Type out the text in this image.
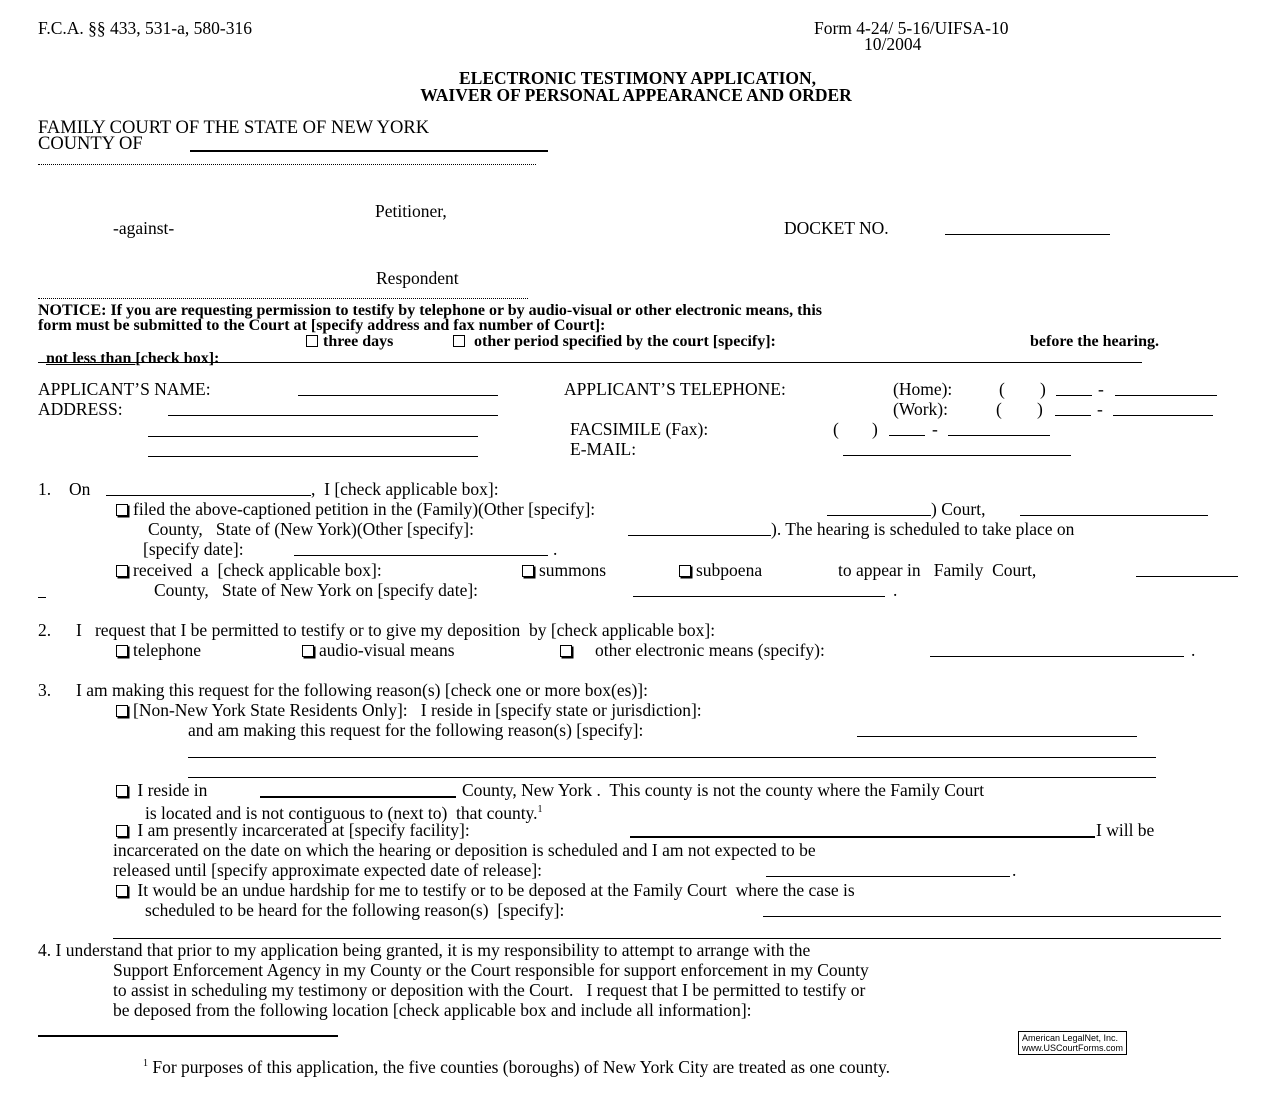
F.C.A. §§ 433, 531-a, 580-316	Form 4-24/ 5-16/UIFSA-10
10/2004
ELECTRONIC TESTIMONY APPLICATION,
WAIVER OF PERSONAL APPEARANCE AND ORDER
FAMILY COURT OF THE STATE OF NEW YORK
COUNTY OF
Petitioner,
-against-	DOCKET NO.
Respondent
NOTICE: If you are requesting permission to testify by telephone or by audio-visual or other electronic means, this
form must be submitted to the Court at [specify address and fax number of Court]:

not less than [check box]:

three days	other period specified by the court [specify]:	before the hearing.
APPLICANT’S NAME:
ADDRESS:
APPLICANT’S TELEPHONE:	(Home):	( )	-
(Work):	( )	-
FACSIMILE (Fax):	( )	-
E-MAIL:
1. On	,  I [check applicable box]:
filed the above-captioned petition in the (Family)(Other [specify]:	) Court,
County,   State of (New York)(Other [specify]:	). The hearing is scheduled to take place on
[specify date]:	.
received  a  [check applicable box]:	summons	subpoena	to appear in   Family  Court,
County,   State of New York on [specify date]:	.
2. I   request that I be permitted to testify or to give my deposition  by [check applicable box]:
telephone	audio-visual means	other electronic means (specify):	.
3. I am making this request for the following reason(s) [check one or more box(es)]:
[Non-New York State Residents Only]:   I reside in [specify state or jurisdiction]:
and am making this request for the following reason(s) [specify]:
I reside in	County, New York .  This county is not the county where the Family Court
is located and is not contiguous to (next to)  that county.$^1$
I am presently incarcerated at [specify facility]:	I will be
incarcerated on the date on which the hearing or deposition is scheduled and I am not expected to be
released until [specify approximate expected date of release]:	.
It would be an undue hardship for me to testify or to be deposed at the Family Court  where the case is
scheduled to be heard for the following reason(s)  [specify]:
4. I understand that prior to my application being granted, it is my responsibility to attempt to arrange with the
Support Enforcement Agency in my County or the Court responsible for support enforcement in my County
to assist in scheduling my testimony or deposition with the Court.   I request that I be permitted to testify or
be deposed from the following location [check applicable box and include all information]:
American LegalNet, Inc.
www.USCourtForms.com
$^1$ For purposes of this application, the five counties (boroughs) of New York City are treated as one county.
